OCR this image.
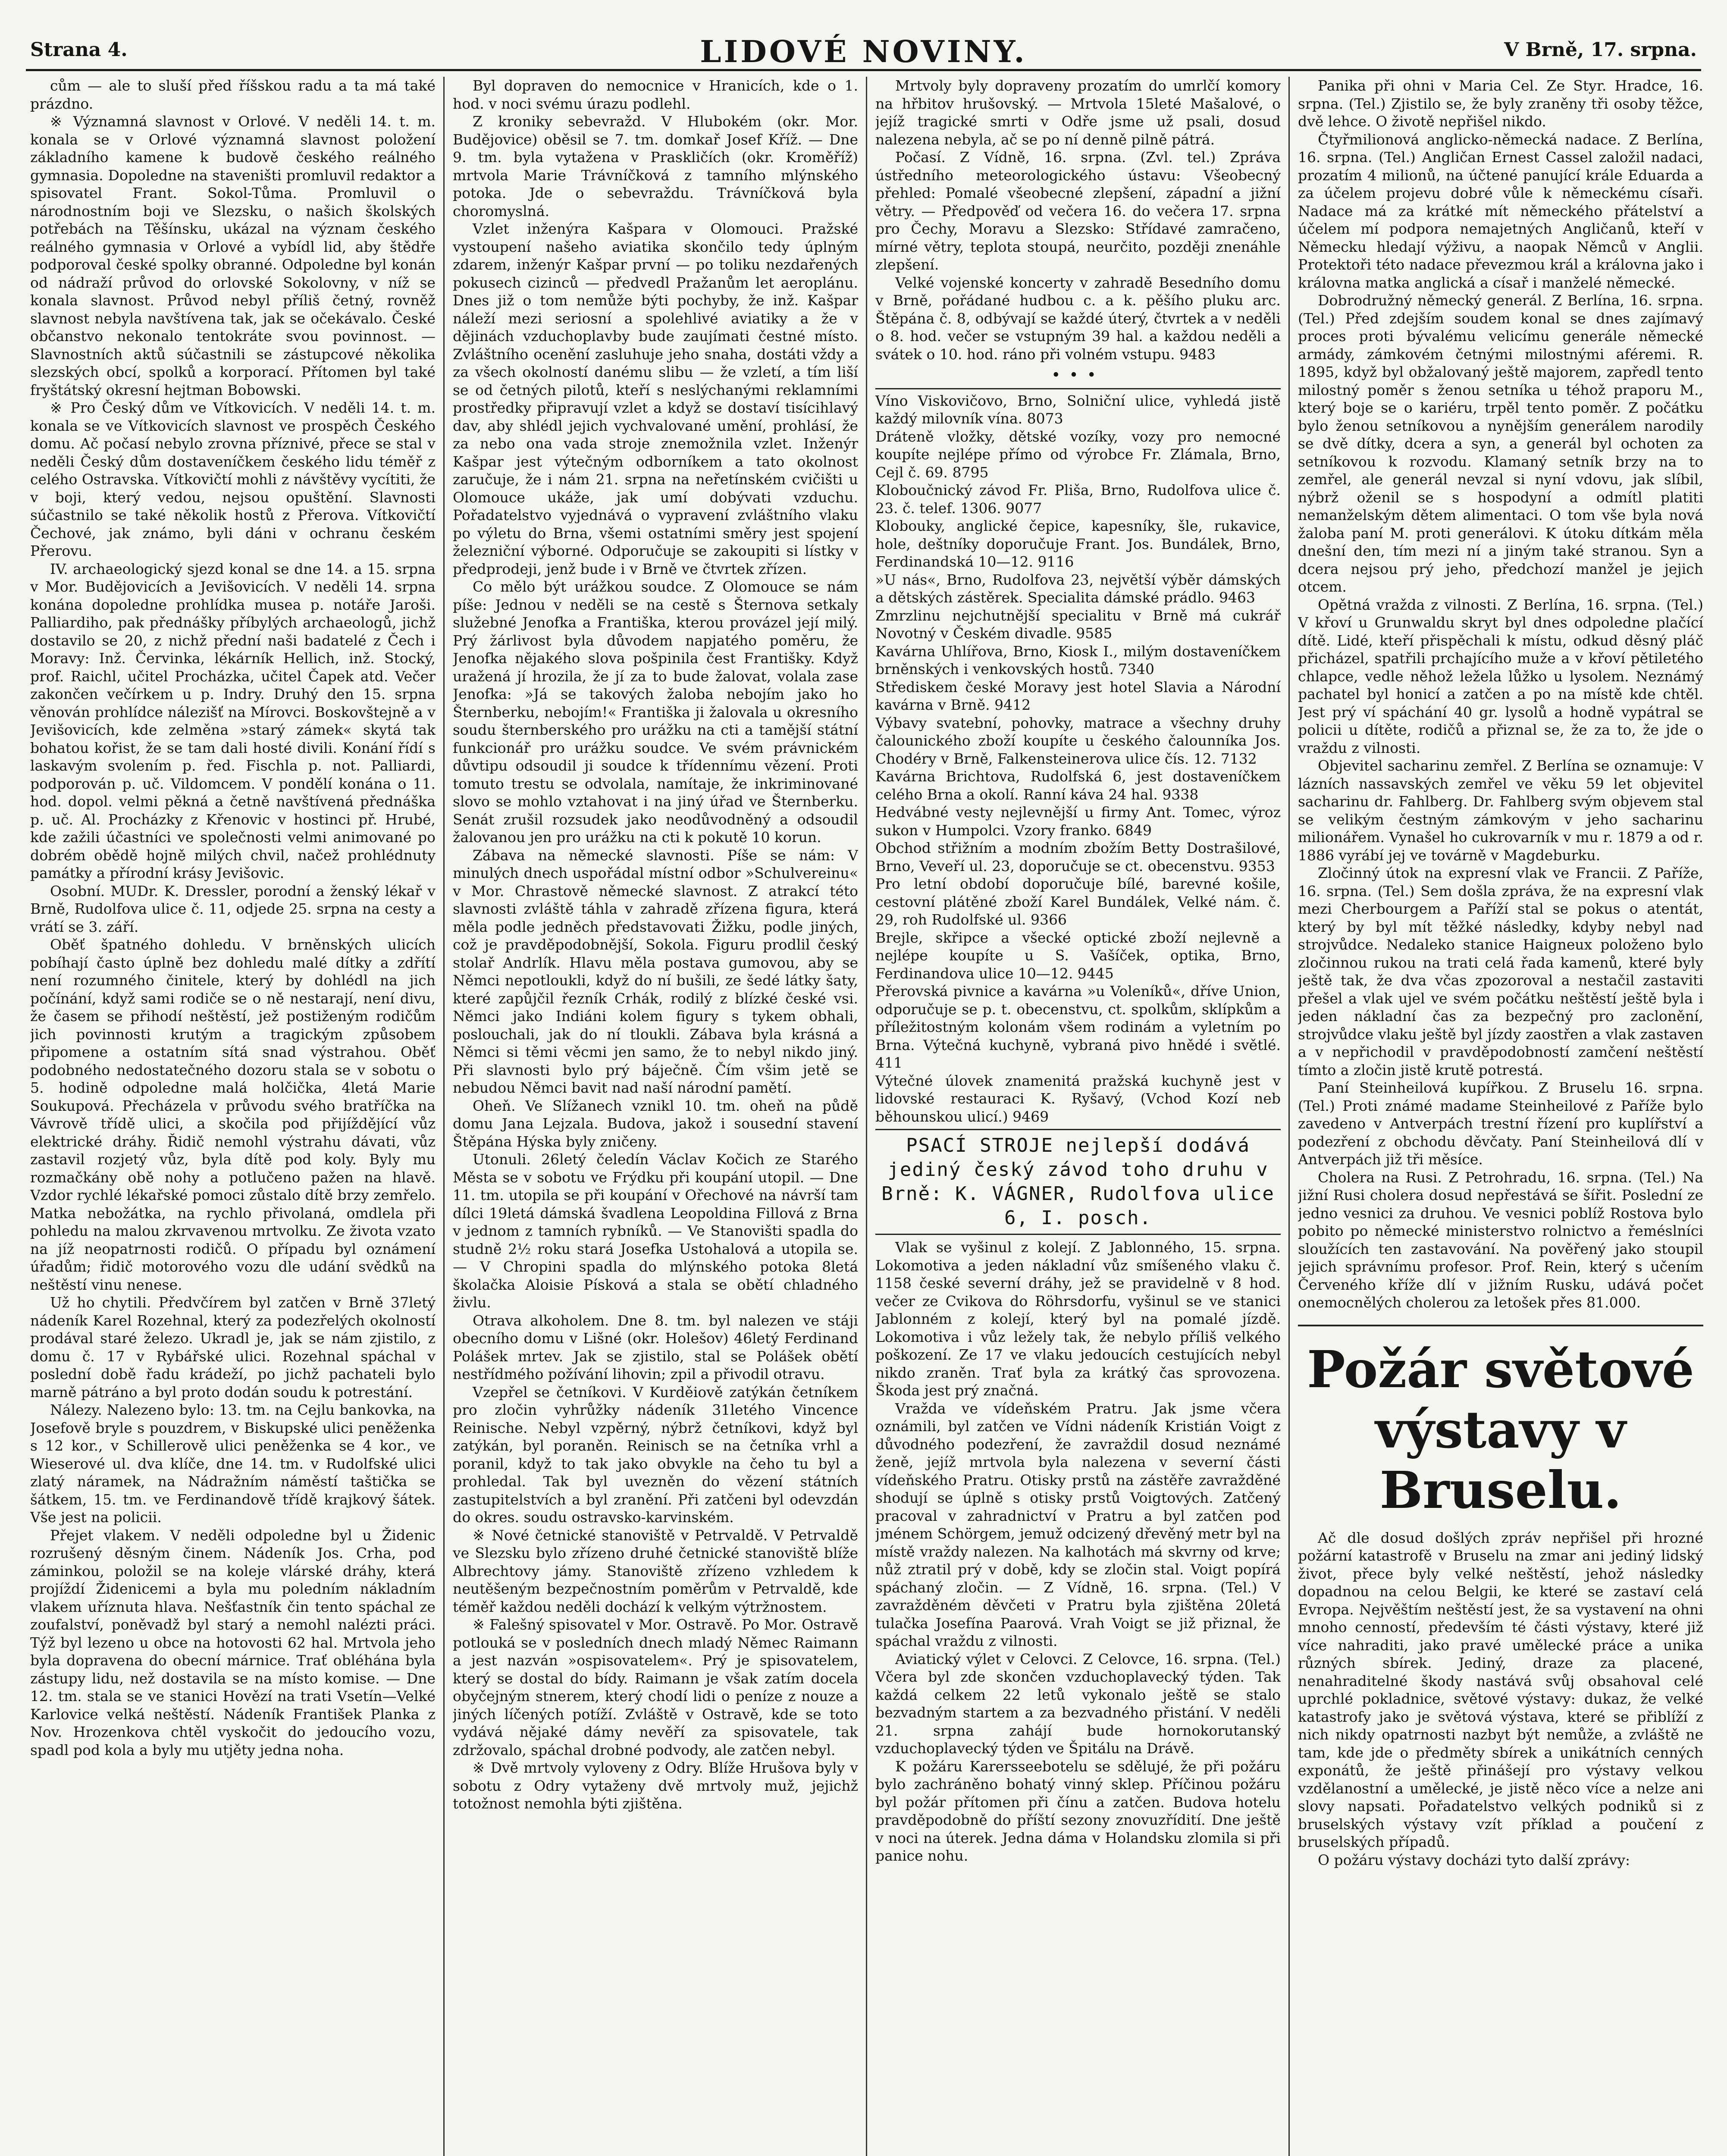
Strana 4.	LIDOVÉ NOVINY.	V Brně, 17. srpna.

cům — ale to sluší před říšskou radu a ta má také prázdno.

※ Významná slavnost v Orlové. V neděli 14. t. m. konala se v Orlové významná slavnost položení základního kamene k budově českého reálného gymnasia. Dopoledne na staveništi promluvil redaktor a spisovatel Frant. Sokol-Tůma. Promluvil o národnostním boji ve Slezsku, o našich školských potřebách na Těšínsku, ukázal na význam českého reálného gymnasia v Orlové a vybídl lid, aby štědře podporoval české spolky obranné. Odpoledne byl konán od nádraží průvod do orlovské Sokolovny, v níž se konala slavnost. Průvod nebyl příliš četný, rovněž slavnost nebyla navštívena tak, jak se očekávalo. České občanstvo nekonalo tentokráte svou povinnost. — Slavnostních aktů súčastnili se zástupcové několika slezských obcí, spolků a korporací. Přítomen byl také fryštátský okresní hejtman Bobowski.

※ Pro Český dům ve Vítkovicích. V neděli 14. t. m. konala se ve Vítkovicích slavnost ve prospěch Českého domu. Ač počasí nebylo zrovna příznivé, přece se stal v neděli Český dům dostaveníčkem českého lidu téměř z celého Ostravska. Vítkovičtí mohli z návštěvy vycítiti, že v boji, který vedou, nejsou opuštění. Slavnosti súčastnilo se také několik hostů z Přerova. Vítkovičtí Čechové, jak známo, byli dáni v ochranu českém Přerovu.

IV. archaeologický sjezd konal se dne 14. a 15. srpna v Mor. Budějovicích a Jevišovicích. V neděli 14. srpna konána dopoledne prohlídka musea p. notáře Jaroši. Palliardiho, pak přednášky příbylých archaeologů, jichž dostavilo se 20, z nichž přední naši badatelé z Čech i Moravy: Inž. Červinka, lékárník Hellich, inž. Stocký, prof. Raichl, učitel Procházka, učitel Čapek atd. Večer zakončen večírkem u p. Indry. Druhý den 15. srpna věnován prohlídce nálezišť na Mírovci. Boskovštejně a v Jevišovicích, kde zelměna »starý zámek« skytá tak bohatou kořist, že se tam dali hosté divili. Konání řídí s laskavým svolením p. řed. Fischla p. not. Palliardi, podporován p. uč. Vildomcem. V pondělí konána o 11. hod. dopol. velmi pěkná a četně navštívená přednáška p. uč. Al. Procházky z Křenovic v hostinci př. Hrubé, kde zažili účastníci ve společnosti velmi animované po dobrém obědě hojně milých chvil, načež prohlédnuty památky a přírodní krásy Jevišovic.

Osobní. MUDr. K. Dressler, porodní a ženský lékař v Brně, Rudolfova ulice č. 11, odjede 25. srpna na cesty a vrátí se 3. září.

Oběť špatného dohledu. V brněnských ulicích pobíhají často úplně bez dohledu malé dítky a zdřítí není rozumného činitele, který by dohlédl na jich počínání, když sami rodiče se o ně nestarají, není divu, že časem se přihodí neštěstí, jež postiženým rodičům jich povinnosti krutým a tragickým způsobem připomene a ostatním sítá snad výstrahou. Oběť podobného nedostatečného dozoru stala se v sobotu o 5. hodině odpoledne malá holčička, 4letá Marie Soukupová. Přecházela v průvodu svého bratříčka na Vávrově třídě ulici, a skočila pod přijíždějící vůz elektrické dráhy. Řidič nemohl výstrahu dávati, vůz zastavil rozjetý vůz, byla dítě pod koly. Byly mu rozmačkány obě nohy a potlučeno pažen na hlavě. Vzdor rychlé lékařské pomoci zůstalo dítě brzy zemřelo. Matka nebožátka, na rychlo přivolaná, omdlela při pohledu na malou zkrvavenou mrtvolku. Ze života vzato na jíž neopatrnosti rodičů. O případu byl oznámení úřadům; řidič motorového vozu dle udání svědků na neštěstí vinu nenese.

Už ho chytili. Předvčírem byl zatčen v Brně 37letý nádeník Karel Rozehnal, který za podezřelých okolností prodával staré železo. Ukradl je, jak se nám zjistilo, z domu č. 17 v Rybářské ulici. Rozehnal spáchal v poslední době řadu krádeží, po jichž pachateli bylo marně pátráno a byl proto dodán soudu k potrestání.

Nálezy. Nalezeno bylo: 13. tm. na Cejlu bankovka, na Josefově bryle s pouzdrem, v Biskupské ulici peněženka s 12 kor., v Schillerově ulici peněženka se 4 kor., ve Wieserové ul. dva klíče, dne 14. tm. v Rudolfské ulici zlatý náramek, na Nádražním náměstí taštička se šátkem, 15. tm. ve Ferdinandově třídě krajkový šátek. Vše jest na policii.

Přejet vlakem. V neděli odpoledne byl u Židenic rozrušený děsným činem. Nádeník Jos. Crha, pod záminkou, položil se na koleje vlárské dráhy, která projíždí Židenicemi a byla mu poledním nákladním vlakem uříznuta hlava. Nešťastník čin tento spáchal ze zoufalství, poněvadž byl starý a nemohl nalézti práci. Týž byl lezeno u obce na hotovosti 62 hal. Mrtvola jeho byla dopravena do obecní márnice. Trať obléhána byla zástupy lidu, než dostavila se na místo komise. — Dne 12. tm. stala se ve stanici Hovězí na trati Vsetín—Velké Karlovice velká neštěstí. Nádeník František Planka z Nov. Hrozenkova chtěl vyskočit do jedoucího vozu, spadl pod kola a byly mu utjěty jedna noha.

Byl dopraven do nemocnice v Hranicích, kde o 1. hod. v noci svému úrazu podlehl.

Z kroniky sebevražd. V Hlubokém (okr. Mor. Budějovice) oběsil se 7. tm. domkař Josef Kříž. — Dne 9. tm. byla vytažena v Praskličích (okr. Kroměříž) mrtvola Marie Trávníčková z tamního mlýnského potoka. Jde o sebevraždu. Trávníčková byla choromyslná.

Vzlet inženýra Kašpara v Olomouci. Pražské vystoupení našeho aviatika skončilo tedy úplným zdarem, inženýr Kašpar první — po toliku nezdařených pokusech cizinců — předvedl Pražanům let aeroplánu. Dnes již o tom nemůže býti pochyby, že inž. Kašpar náleží mezi seriosní a spolehlivé aviatiky a že v dějinách vzduchoplavby bude zaujímati čestné místo. Zvláštního ocenění zasluhuje jeho snaha, dostáti vždy a za všech okolností danému slibu — že vzletí, a tím liší se od četných pilotů, kteří s neslýchanými reklamními prostředky připravují vzlet a když se dostaví tisícihlavý dav, aby shlédl jejich vychvalované umění, prohlásí, že za nebo ona vada stroje znemožnila vzlet. Inženýr Kašpar jest výtečným odborníkem a tato okolnost zaručuje, že i nám 21. srpna na neřetínském cvičišti u Olomouce ukáže, jak umí dobývati vzduchu. Pořadatelstvo vyjednává o vypravení zvláštního vlaku po výletu do Brna, všemi ostatními směry jest spojení železniční výborné. Odporučuje se zakoupiti si lístky v předprodeji, jenž bude i v Brně ve čtvrtek zřízen.

Co mělo být urážkou soudce. Z Olomouce se nám píše: Jednou v neděli se na cestě s Šternova setkaly služebné Jenofka a Františka, kterou provázel její milý. Prý žárlivost byla důvodem napjatého poměru, že Jenofka nějakého slova pošpinila čest Františky. Když uražená jí hrozila, že jí za to bude žalovat, volala zase Jenofka: »Já se takových žaloba nebojím jako ho Šternberku, nebojím!« Františka ji žalovala u okresního soudu šternberského pro urážku na cti a tamější státní funkcionář pro urážku soudce. Ve svém právnickém důvtipu odsoudil ji soudce k třídennímu vězení. Proti tomuto trestu se odvolala, namítaje, že inkriminované slovo se mohlo vztahovat i na jiný úřad ve Šternberku. Senát zrušil rozsudek jako neodůvodněný a odsoudil žalovanou jen pro urážku na cti k pokutě 10 korun.

Zábava na německé slavnosti. Píše se nám: V minulých dnech uspořádal místní odbor »Schulvereinu« v Mor. Chrastově německé slavnost. Z atrakcí této slavnosti zvláště táhla v zahradě zřízena figura, která měla podle jedněch představovati Žižku, podle jiných, což je pravděpodobnější, Sokola. Figuru prodlil český stolař Andrlík. Hlavu měla postava gumovou, aby se Němci nepotloukli, když do ní bušili, ze šedé látky šaty, které zapůjčil řezník Crhák, rodilý z blízké české vsi. Němci jako Indiáni kolem figury s tykem obhali, poslouchali, jak do ní tloukli. Zábava byla krásná a Němci si těmi věcmi jen samo, že to nebyl nikdo jiný. Při slavnosti bylo prý báječně. Čím všim jetě se nebudou Němci bavit nad naší národní pamětí.

Oheň. Ve Slížanech vznikl 10. tm. oheň na půdě domu Jana Lejzala. Budova, jakož i sousední stavení Štěpána Hýska byly zničeny.

Utonuli. 26letý čeledín Václav Kočich ze Starého Města se v sobotu ve Frýdku při koupání utopil. — Dne 11. tm. utopila se při koupání v Ořechové na návrší tam dílci 19letá dámská švadlena Leopoldina Fillová z Brna v jednom z tamních rybníků. — Ve Stanovišti spadla do studně 2½ roku stará Josefka Ustohalová a utopila se. — V Chropini spadla do mlýnského potoka 8letá školačka Aloisie Písková a stala se obětí chladného živlu.

Otrava alkoholem. Dne 8. tm. byl nalezen ve stáji obecního domu v Lišné (okr. Holešov) 46letý Ferdinand Polášek mrtev. Jak se zjistilo, stal se Polášek obětí nestřídmého požívání lihovin; zpil a přivodil otravu.

Vzepřel se četníkovi. V Kurděiově zatýkán četníkem pro zločin vyhrůžky nádeník 31letého Vincence Reinische. Nebyl vzpěrný, nýbrž četníkovi, když byl zatýkán, byl poraněn. Reinisch se na četníka vrhl a poranil, když to tak jako obvykle na čeho tu byl a prohledal. Tak byl uvezněn do vězení státních zastupitelstvích a byl zranění. Při zatčeni byl odevzdán do okres. soudu ostravsko-karvinském.

※ Nové četnické stanoviště v Petrvaldě. V Petrvaldě ve Slezsku bylo zřízeno druhé četnické stanoviště blíže Albrechtovy jámy. Stanoviště zřízeno vzhledem k neutěšeným bezpečnostním poměrům v Petrvaldě, kde téměř každou neděli dochází k velkým výtržnostem.

※ Falešný spisovatel v Mor. Ostravě. Po Mor. Ostravě potlouká se v posledních dnech mladý Němec Raimann a jest nazván »ospisovatelem«. Prý je spisovatelem, který se dostal do bídy. Raimann je však zatím docela obyčejným stnerem, který chodí lidi o peníze z nouze a jiných líčených potíží. Zvláště v Ostravě, kde se toto vydává nějaké dámy nevěří za spisovatele, tak zdržovalo, spáchal drobné podvody, ale zatčen nebyl.

※ Dvě mrtvoly vyloveny z Odry. Blíže Hrušova byly v sobotu z Odry vytaženy dvě mrtvoly muž, jejichž totožnost nemohla býti zjištěna.

Mrtvoly byly dopraveny prozatím do umrlčí komory na hřbitov hrušovský. — Mrtvola 15leté Mašalové, o jejíž tragické smrti v Odře jsme už psali, dosud nalezena nebyla, ač se po ní denně pilně pátrá.

Počasí. Z Vídně, 16. srpna. (Zvl. tel.) Zpráva ústředního meteorologického ústavu: Všeobecný přehled: Pomalé všeobecné zlepšení, západní a jižní větry. — Předpověď od večera 16. do večera 17. srpna pro Čechy, Moravu a Slezsko: Střídavé zamračeno, mírné větry, teplota stoupá, neurčito, později znenáhle zlepšení.

Velké vojenské koncerty v zahradě Besedního domu v Brně, pořádané hudbou c. a k. pěšího pluku arc. Štěpána č. 8, odbývají se každé úterý, čtvrtek a v neděli o 8. hod. večer se vstupným 39 hal. a každou neděli a svátek o 10. hod. ráno při volném vstupu. 9483

•••

Víno Viskovičovo, Brno, Solniční ulice, vyhledá jistě každý milovník vína. 8073

Dráteně vložky, dětské vozíky, vozy pro nemocné koupíte nejlépe přímo od výrobce Fr. Zlámala, Brno, Cejl č. 69. 8795

Kloboučnický závod Fr. Pliša, Brno, Rudolfova ulice č. 23. č. telef. 1306. 9077

Klobouky, anglické čepice, kapesníky, šle, rukavice, hole, deštníky doporučuje Frant. Jos. Bundálek, Brno, Ferdinandská 10—12. 9116

»U nás«, Brno, Rudolfova 23, největší výběr dámských a dětských zástěrek. Specialita dámské prádlo. 9463

Zmrzlinu nejchutnější specialitu v Brně má cukrář Novotný v Českém divadle. 9585

Kavárna Uhlířova, Brno, Kiosk I., milým dostaveníčkem brněnských i venkovských hostů. 7340

Střediskem české Moravy jest hotel Slavia a Národní kavárna v Brně. 9412

Výbavy svatební, pohovky, matrace a všechny druhy čalounického zboží koupíte u českého čalounníka Jos. Chodéry v Brně, Falkensteinerova ulice čís. 12. 7132

Kavárna Brichtova, Rudolfská 6, jest dostaveníčkem celého Brna a okolí. Ranní káva 24 hal. 9338

Hedvábné vesty nejlevnější u firmy Ant. Tomec, výroz sukon v Humpolci. Vzory franko. 6849

Obchod střižním a modním zbožím Betty Dostrašilové, Brno, Veveří ul. 23, doporučuje se ct. obecenstvu. 9353

Pro letní období doporučuje bílé, barevné košile, cestovní plátěné zboží Karel Bundálek, Velké nám. č. 29, roh Rudolfské ul. 9366

Brejle, skřipce a všecké optické zboží nejlevně a nejlépe koupíte u S. Vašíček, optika, Brno, Ferdinandova ulice 10—12. 9445

Přerovská pivnice a kavárna »u Voleníků«, dříve Union, odporučuje se p. t. obecenstvu, ct. spolkům, sklípkům a příležitostným kolonám všem rodinám a vyletním po Brna. Výtečná kuchyně, vybraná pivo hnědé i světlé. 411

Výtečné úlovek znamenitá pražská kuchyně jest v lidovské restauraci K. Ryšavý, (Vchod Kozí neb běhounskou ulicí.) 9469

PSACÍ STROJE nejlepší dodává jediný český závod toho druhu v Brně: K. VÁGNER, Rudolfova ulice 6, I. posch.

Vlak se vyšinul z kolejí. Z Jablonného, 15. srpna. Lokomotiva a jeden nákladní vůz smíšeného vlaku č. 1158 české severní dráhy, jež se pravidelně v 8 hod. večer ze Cvikova do Röhrsdorfu, vyšinul se ve stanici Jablonném z kolejí, který byl na pomalé jízdě. Lokomotiva i vůz ležely tak, že nebylo příliš velkého poškození. Ze 17 ve vlaku jedoucích cestujících nebyl nikdo zraněn. Trať byla za krátký čas sprovozena. Škoda jest prý značná.

Vražda ve vídeňském Pratru. Jak jsme včera oznámili, byl zatčen ve Vídni nádeník Kristián Voigt z důvodného podezření, že zavraždil dosud neznámé ženě, jejíž mrtvola byla nalezena v severní části vídeňského Pratru. Otisky prstů na zástěře zavražděné shodují se úplně s otisky prstů Voigtových. Zatčený pracoval v zahradnictví v Pratru a byl zatčen pod jménem Schörgem, jemuž odcizený dřevěný metr byl na místě vraždy nalezen. Na kalhotách má skvrny od krve; nůž ztratil prý v době, kdy se zločin stal. Voigt popírá spáchaný zločin. — Z Vídně, 16. srpna. (Tel.) V zavražděném děvčeti v Pratru byla zjištěna 20letá tulačka Josefína Paarová. Vrah Voigt se již přiznal, že spáchal vraždu z vilnosti.

Aviatický výlet v Celovci. Z Celovce, 16. srpna. (Tel.) Včera byl zde skončen vzduchoplavecký týden. Tak každá celkem 22 letů vykonalo ještě se stalo bezvadným startem a za bezvadného přistání. V neděli 21. srpna zahájí bude hornokorutanský vzduchoplavecký týden ve Špitálu na Drávě.

K požáru Karersseebotelu se sdělujé, že při požáru bylo zachráněno bohatý vinný sklep. Příčinou požáru byl požár přítomen při čínu a zatčen. Budova hotelu pravděpodobně do příští sezony znovuzřídití. Dne ještě v noci na úterek. Jedna dáma v Holandsku zlomila si při panice nohu.

Panika při ohni v Maria Cel. Ze Styr. Hradce, 16. srpna. (Tel.) Zjistilo se, že byly zraněny tři osoby těžce, dvě lehce. O životě nepřišel nikdo.

Čtyřmilionová anglicko-německá nadace. Z Berlína, 16. srpna. (Tel.) Angličan Ernest Cassel založil nadaci, prozatím 4 milionů, na účtené panující krále Eduarda a za účelem projevu dobré vůle k německému císaři. Nadace má za krátké mít německého přátelství a účelem mí podpora nemajetných Angličanů, kteří v Německu hledají výživu, a naopak Němců v Anglii. Protektoři této nadace převezmou král a královna jako i královna matka anglická a císař i manželé německé.

Dobrodružný německý generál. Z Berlína, 16. srpna. (Tel.) Před zdejším soudem konal se dnes zajímavý proces proti bývalému velicímu generále německé armády, zámkovém četnými milostnými aféremi. R. 1895, když byl obžalovaný ještě majorem, zapředl tento milostný poměr s ženou setníka u téhož praporu M., který boje se o kariéru, trpěl tento poměr. Z počátku bylo ženou setníkovou a nynějším generálem narodily se dvě dítky, dcera a syn, a generál byl ochoten za setníkovou k rozvodu. Klamaný setník brzy na to zemřel, ale generál nevzal si nyní vdovu, jak slíbil, nýbrž oženil se s hospodyní a odmítl platiti nemanželským dětem alimentaci. O tom vše byla nová žaloba paní M. proti generálovi. K útoku dítkám měla dnešní den, tím mezi ní a jiným také stranou. Syn a dcera nejsou prý jeho, předchozí manžel je jejich otcem.

Opětná vražda z vilnosti. Z Berlína, 16. srpna. (Tel.) V křoví u Grunwaldu skryt byl dnes odpoledne plačící dítě. Lidé, kteří přispěchali k místu, odkud děsný pláč přicházel, spatřili prchajícího muže a v křoví pětiletého chlapce, vedle něhož ležela lůžko u lysolem. Neznámý pachatel byl honicí a zatčen a po na místě kde chtěl. Jest prý ví spáchání 40 gr. lysolů a hodně vypátral se policii u dítěte, rodičů a přiznal se, že za to, že jde o vraždu z vilnosti.

Objevitel sacharinu zemřel. Z Berlína se oznamuje: V lázních nassavských zemřel ve věku 59 let objevitel sacharinu dr. Fahlberg. Dr. Fahlberg svým objevem stal se velikým čestným zámkovým v jeho sacharinu milionářem. Vynašel ho cukrovarník v mu r. 1879 a od r. 1886 vyrábí jej ve továrně v Magdeburku.

Zločinný útok na expresní vlak ve Francii. Z Paříže, 16. srpna. (Tel.) Sem došla zpráva, že na expresní vlak mezi Cherbourgem a Paříží stal se pokus o atentát, který by byl mít těžké následky, kdyby nebyl nad strojvůdce. Nedaleko stanice Haigneux položeno bylo zločinnou rukou na trati celá řada kamenů, které byly ještě tak, že dva včas zpozoroval a nestačil zastaviti přešel a vlak ujel ve svém počátku neštěstí ještě byla i jeden nákladní čas za bezpečný pro zaclonění, strojvůdce vlaku ještě byl jízdy zaostřen a vlak zastaven a v nepřichodil v pravděpodobností zamčení neštěstí tímto a zločin jistě krutě potrestá.

Paní Steinheilová kupířkou. Z Bruselu 16. srpna. (Tel.) Proti známé madame Steinheilové z Paříže bylo zavedeno v Antverpách trestní řízení pro kuplířství a podezření z obchodu děvčaty. Paní Steinheilová dlí v Antverpách již tři měsíce.

Cholera na Rusi. Z Petrohradu, 16. srpna. (Tel.) Na jižní Rusi cholera dosud nepřestává se šířit. Poslední ze jedno vesnici za druhou. Ve vesnici poblíž Rostova bylo pobito po německé ministerstvo rolnictvo a řeméslníci sloužících ten zastavování. Na pověřený jako stoupil jejich správnímu profesor. Prof. Rein, který s učením Červeného kříže dlí v jižním Rusku, udává počet onemocnělých cholerou za letošek přes 81.000.

Požár světové výstavy v Bruselu.

Ač dle dosud došlých zpráv nepřišel při hrozné požární katastrofě v Bruselu na zmar ani jediný lidský život, přece byly velké neštěstí, jehož následky dopadnou na celou Belgii, ke které se zastaví celá Evropa. Nejvěštím neštěstí jest, že sa vystavení na ohni mnoho cenností, především té části výstavy, které již více nahraditi, jako pravé umělecké práce a unika různých sbírek. Jediný, draze za placené, nenahraditelné škody nastává svůj obsahoval celé uprchlé pokladnice, světové výstavy: dukaz, že velké katastrofy jako je světová výstava, které se přiblíží z nich nikdy opatrnosti nazbyt být nemůže, a zvláště ne tam, kde jde o předměty sbírek a unikátních cenných exponátů, že ještě přinášejí pro výstavy velkou vzdělanostní a umělecké, je jistě něco více a nelze ani slovy napsati. Pořadatelstvo velkých podniků si z bruselských výstavy vzít příklad a poučení z bruselských případů.

O požáru výstavy docházi tyto další zprávy:
